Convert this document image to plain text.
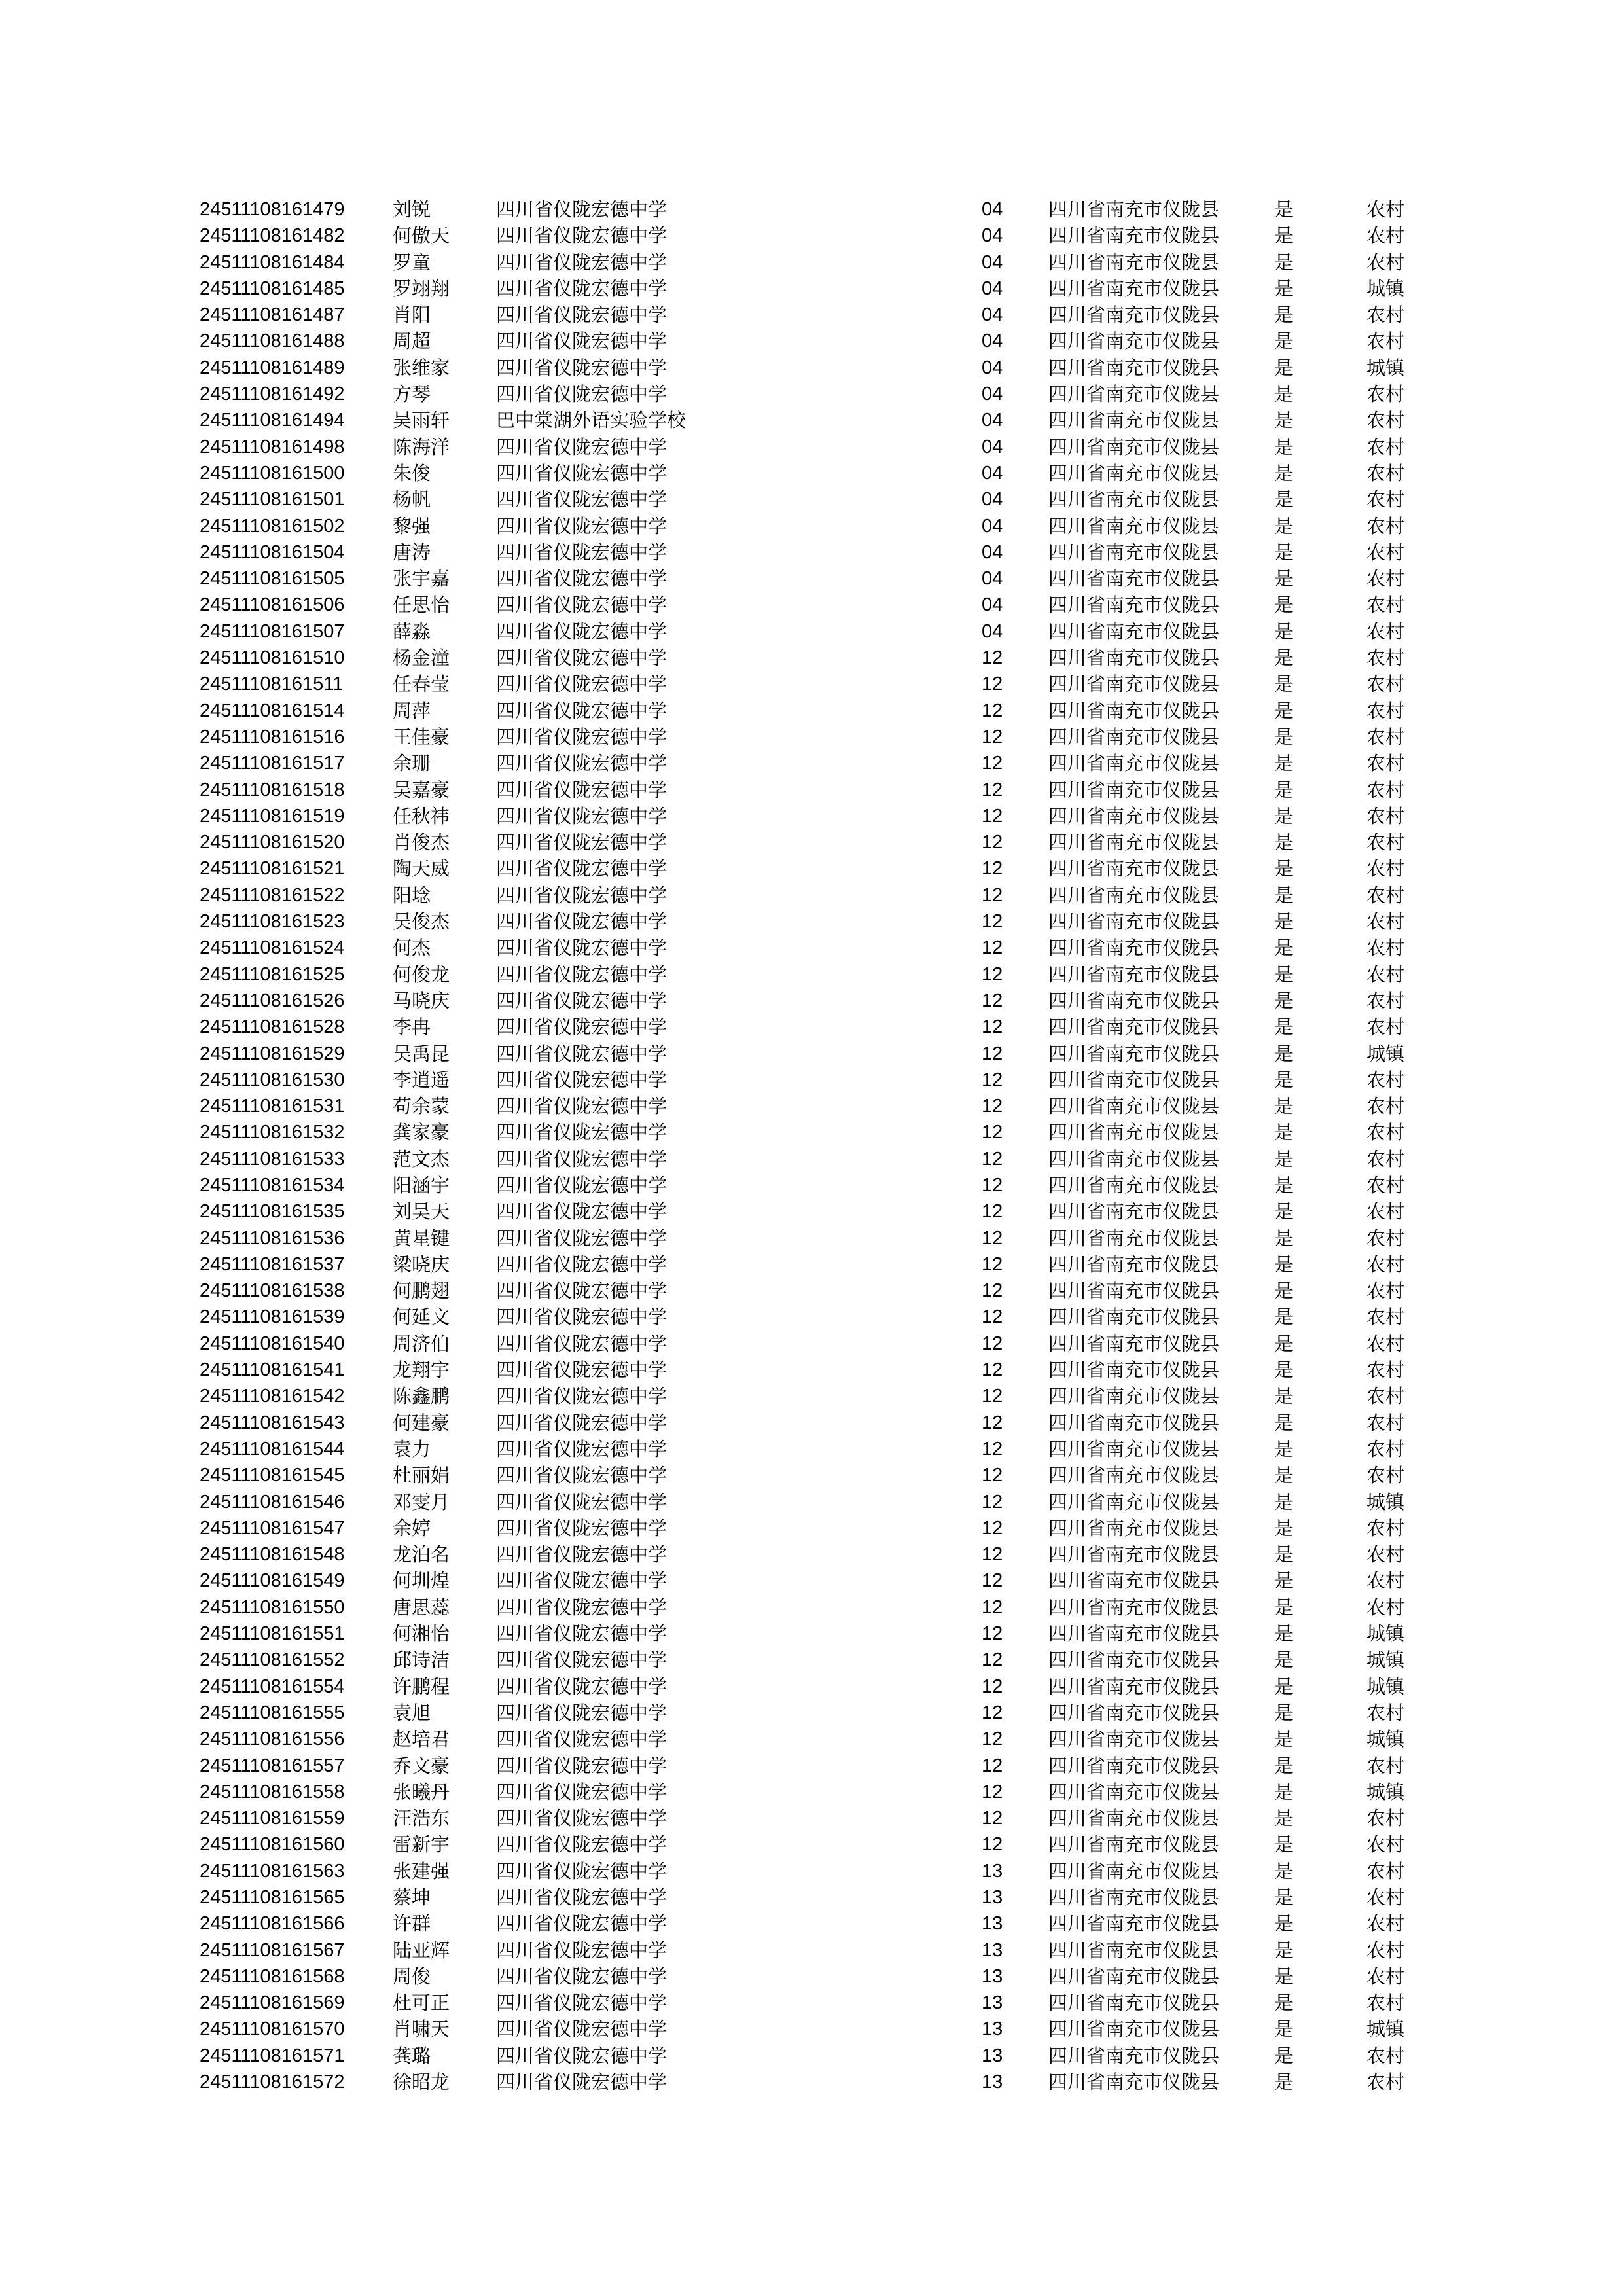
24511108161479	刘锐	四川省仪陇宏德中学	04 四川省南充市仪陇县	是	农村
24511108161482	何傲天 四川省仪陇宏德中学	04 四川省南充市仪陇县	是	农村
24511108161484	罗童	四川省仪陇宏德中学	04 四川省南充市仪陇县	是	农村
24511108161485	罗翊翔 四川省仪陇宏德中学	04 四川省南充市仪陇县	是	城镇
24511108161487	肖阳	四川省仪陇宏德中学	04 四川省南充市仪陇县	是	农村
24511108161488	周超	四川省仪陇宏德中学	04 四川省南充市仪陇县	是	农村
24511108161489	张维家 四川省仪陇宏德中学	04 四川省南充市仪陇县	是	城镇
24511108161492	方琴	四川省仪陇宏德中学	04 四川省南充市仪陇县	是	农村
24511108161494	吴雨轩 巴中棠湖外语实验学校	04 四川省南充市仪陇县	是	农村
24511108161498	陈海洋 四川省仪陇宏德中学	04 四川省南充市仪陇县	是	农村
24511108161500	朱俊	四川省仪陇宏德中学	04 四川省南充市仪陇县	是	农村
24511108161501	杨帆	四川省仪陇宏德中学	04 四川省南充市仪陇县	是	农村
24511108161502	黎强	四川省仪陇宏德中学	04 四川省南充市仪陇县	是	农村
24511108161504	唐涛	四川省仪陇宏德中学	04 四川省南充市仪陇县	是	农村
24511108161505	张宇嘉 四川省仪陇宏德中学	04 四川省南充市仪陇县	是	农村
24511108161506	任思怡 四川省仪陇宏德中学	04 四川省南充市仪陇县	是	农村
24511108161507	薛淼	四川省仪陇宏德中学	04 四川省南充市仪陇县	是	农村
24511108161510	杨金潼 四川省仪陇宏德中学	12 四川省南充市仪陇县	是	农村
24511108161511	任春莹 四川省仪陇宏德中学	12 四川省南充市仪陇县	是	农村
24511108161514	周萍	四川省仪陇宏德中学	12 四川省南充市仪陇县	是	农村
24511108161516	王佳豪 四川省仪陇宏德中学	12 四川省南充市仪陇县	是	农村
24511108161517	余珊	四川省仪陇宏德中学	12 四川省南充市仪陇县	是	农村
24511108161518	吴嘉豪 四川省仪陇宏德中学	12 四川省南充市仪陇县	是	农村
24511108161519	任秋祎 四川省仪陇宏德中学	12 四川省南充市仪陇县	是	农村
24511108161520	肖俊杰 四川省仪陇宏德中学	12 四川省南充市仪陇县	是	农村
24511108161521	陶天威 四川省仪陇宏德中学	12 四川省南充市仪陇县	是	农村
24511108161522	阳埝	四川省仪陇宏德中学	12 四川省南充市仪陇县	是	农村
24511108161523	吴俊杰 四川省仪陇宏德中学	12 四川省南充市仪陇县	是	农村
24511108161524	何杰	四川省仪陇宏德中学	12 四川省南充市仪陇县	是	农村
24511108161525	何俊龙 四川省仪陇宏德中学	12 四川省南充市仪陇县	是	农村
24511108161526	马晓庆 四川省仪陇宏德中学	12 四川省南充市仪陇县	是	农村
24511108161528	李冉	四川省仪陇宏德中学	12 四川省南充市仪陇县	是	农村
24511108161529	吴禹昆 四川省仪陇宏德中学	12 四川省南充市仪陇县	是	城镇
24511108161530	李逍遥 四川省仪陇宏德中学	12 四川省南充市仪陇县	是	农村
24511108161531	苟余蒙 四川省仪陇宏德中学	12 四川省南充市仪陇县	是	农村
24511108161532	龚家豪 四川省仪陇宏德中学	12 四川省南充市仪陇县	是	农村
24511108161533	范文杰 四川省仪陇宏德中学	12 四川省南充市仪陇县	是	农村
24511108161534	阳涵宇 四川省仪陇宏德中学	12 四川省南充市仪陇县	是	农村
24511108161535	刘昊天 四川省仪陇宏德中学	12 四川省南充市仪陇县	是	农村
24511108161536	黄星键 四川省仪陇宏德中学	12 四川省南充市仪陇县	是	农村
24511108161537	梁晓庆 四川省仪陇宏德中学	12 四川省南充市仪陇县	是	农村
24511108161538	何鹏翅 四川省仪陇宏德中学	12 四川省南充市仪陇县	是	农村
24511108161539	何延文 四川省仪陇宏德中学	12 四川省南充市仪陇县	是	农村
24511108161540	周济伯 四川省仪陇宏德中学	12 四川省南充市仪陇县	是	农村
24511108161541	龙翔宇 四川省仪陇宏德中学	12 四川省南充市仪陇县	是	农村
24511108161542	陈鑫鹏 四川省仪陇宏德中学	12 四川省南充市仪陇县	是	农村
24511108161543	何建豪 四川省仪陇宏德中学	12 四川省南充市仪陇县	是	农村
24511108161544	袁力	四川省仪陇宏德中学	12 四川省南充市仪陇县	是	农村
24511108161545	杜丽娟 四川省仪陇宏德中学	12 四川省南充市仪陇县	是	农村
24511108161546	邓雯月 四川省仪陇宏德中学	12 四川省南充市仪陇县	是	城镇
24511108161547	余婷	四川省仪陇宏德中学	12 四川省南充市仪陇县	是	农村
24511108161548	龙泊名 四川省仪陇宏德中学	12 四川省南充市仪陇县	是	农村
24511108161549	何圳煌 四川省仪陇宏德中学	12 四川省南充市仪陇县	是	农村
24511108161550	唐思蕊 四川省仪陇宏德中学	12 四川省南充市仪陇县	是	农村
24511108161551	何湘怡 四川省仪陇宏德中学	12 四川省南充市仪陇县	是	城镇
24511108161552	邱诗洁 四川省仪陇宏德中学	12 四川省南充市仪陇县	是	城镇
24511108161554	许鹏程 四川省仪陇宏德中学	12 四川省南充市仪陇县	是	城镇
24511108161555	袁旭	四川省仪陇宏德中学	12 四川省南充市仪陇县	是	农村
24511108161556	赵培君 四川省仪陇宏德中学	12 四川省南充市仪陇县	是	城镇
24511108161557	乔文豪 四川省仪陇宏德中学	12 四川省南充市仪陇县	是	农村
24511108161558	张曦丹 四川省仪陇宏德中学	12 四川省南充市仪陇县	是	城镇
24511108161559	汪浩东 四川省仪陇宏德中学	12 四川省南充市仪陇县	是	农村
24511108161560	雷新宇 四川省仪陇宏德中学	12 四川省南充市仪陇县	是	农村
24511108161563	张建强 四川省仪陇宏德中学	13 四川省南充市仪陇县	是	农村
24511108161565	蔡坤	四川省仪陇宏德中学	13 四川省南充市仪陇县	是	农村
24511108161566	许群	四川省仪陇宏德中学	13 四川省南充市仪陇县	是	农村
24511108161567	陆亚辉 四川省仪陇宏德中学	13 四川省南充市仪陇县	是	农村
24511108161568	周俊	四川省仪陇宏德中学	13 四川省南充市仪陇县	是	农村
24511108161569	杜可正 四川省仪陇宏德中学	13 四川省南充市仪陇县	是	农村
24511108161570	肖啸天 四川省仪陇宏德中学	13 四川省南充市仪陇县	是	城镇
24511108161571	龚璐	四川省仪陇宏德中学	13 四川省南充市仪陇县	是	农村
24511108161572	徐昭龙 四川省仪陇宏德中学	13 四川省南充市仪陇县	是	农村
